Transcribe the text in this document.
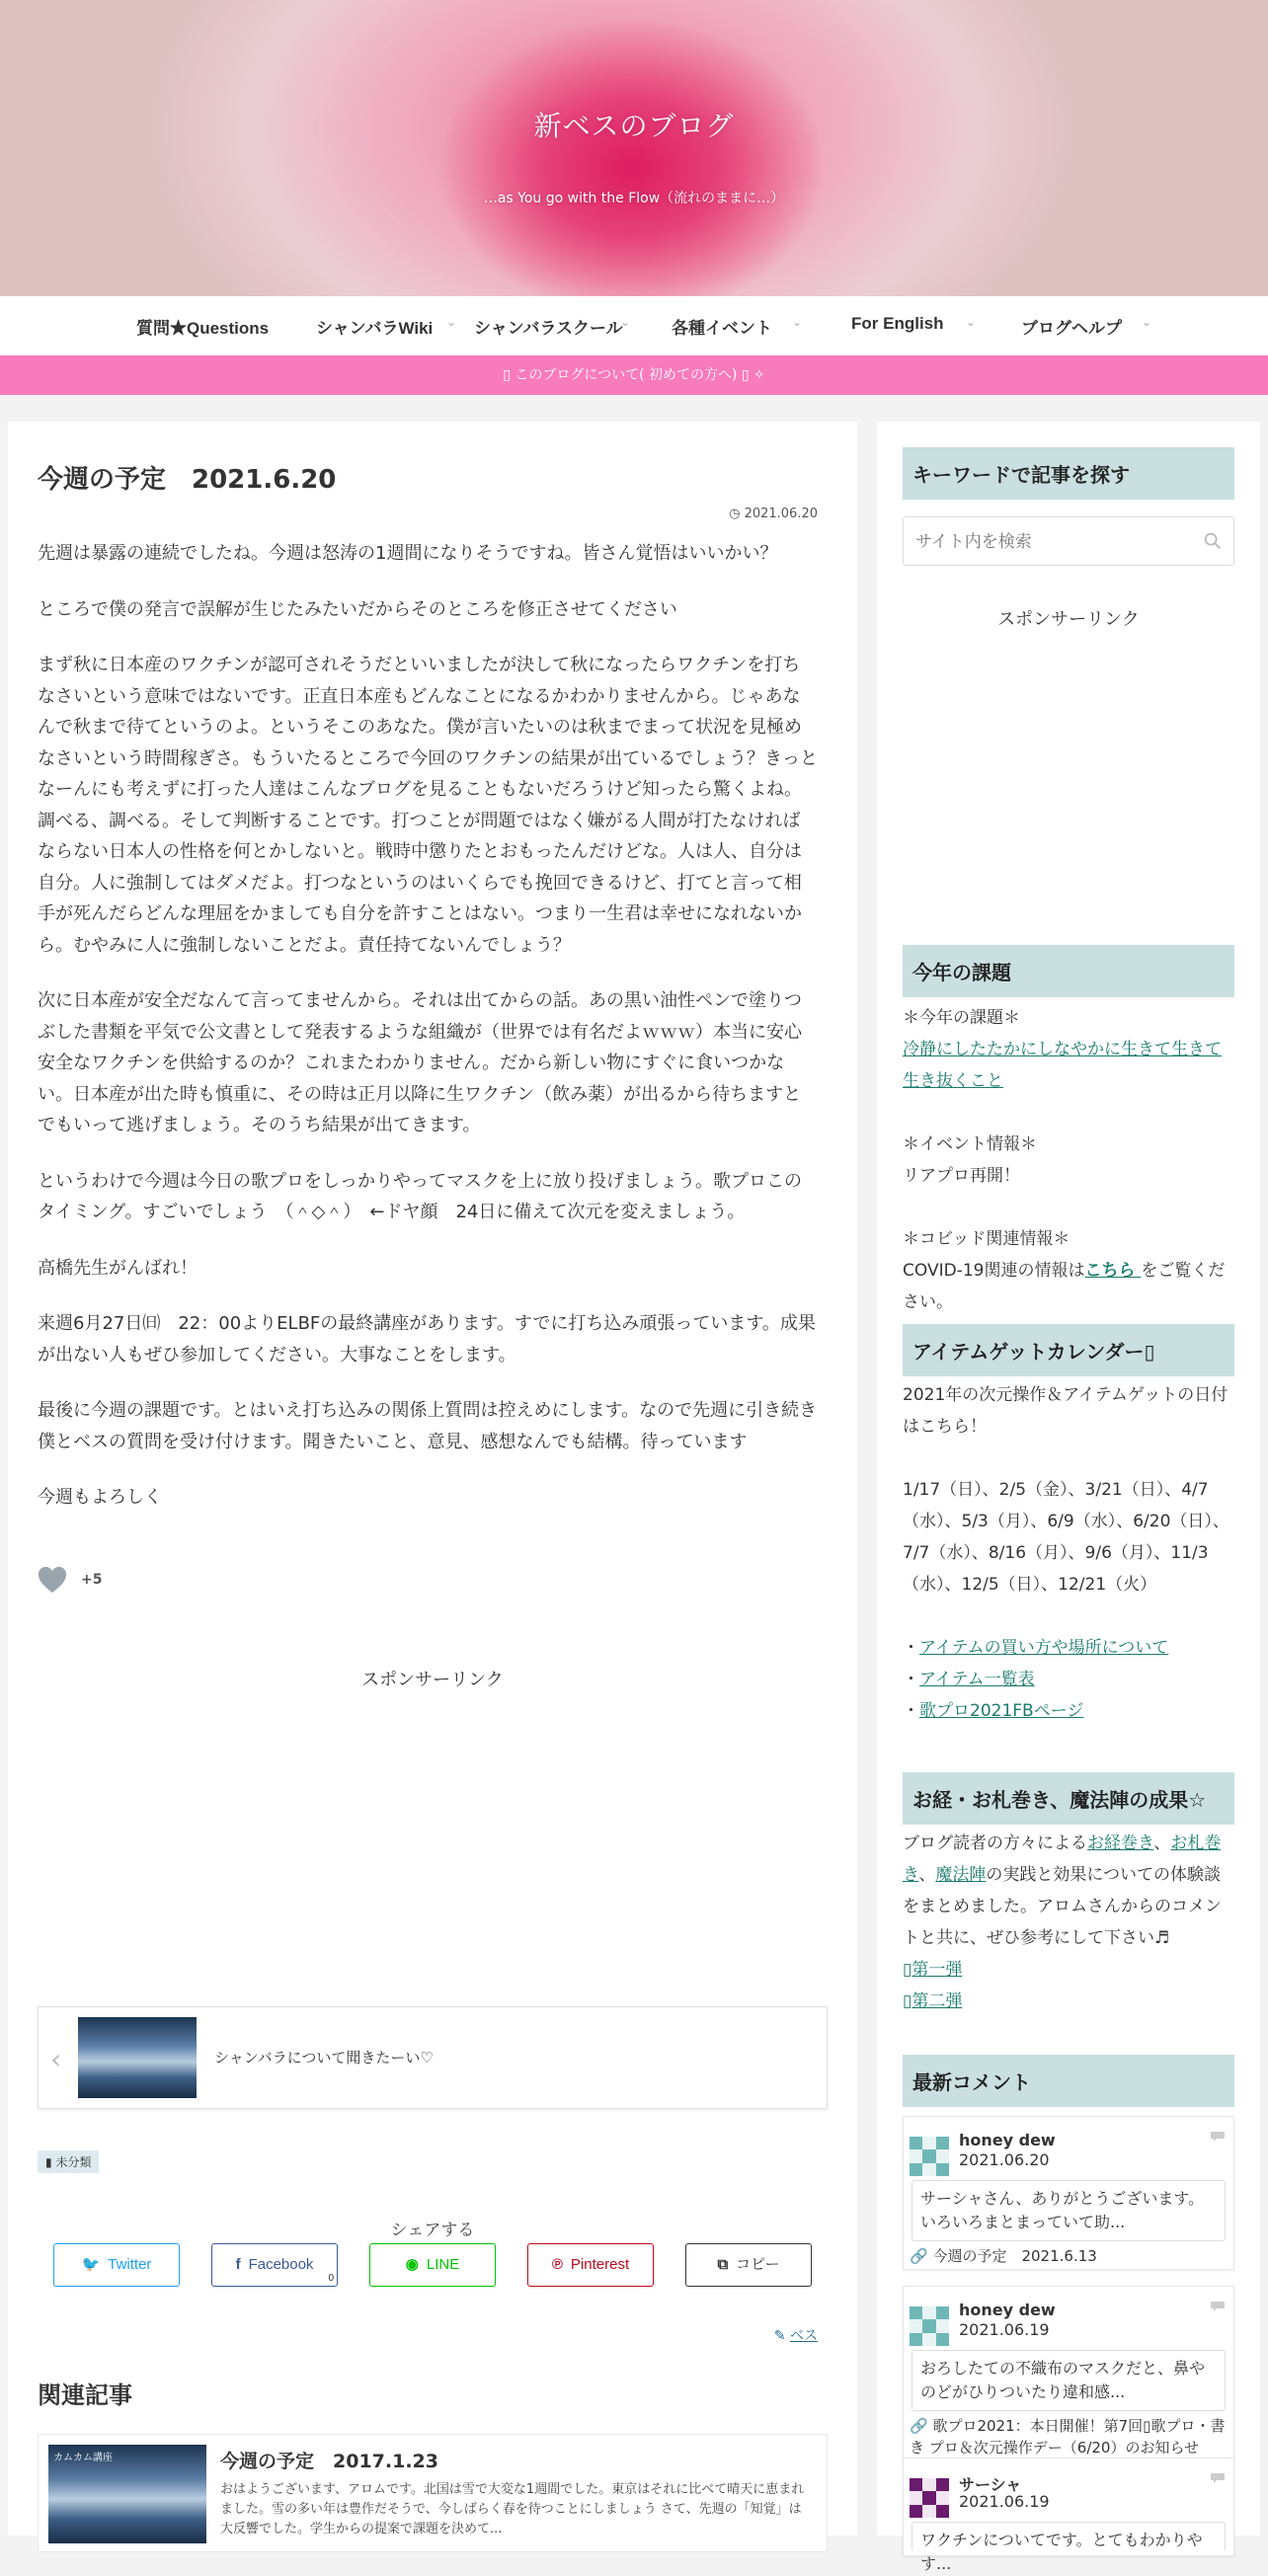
新ベスのブログ
…as You go with the Flow（流れのままに…）
質問★Questions	シャンバラWiki ⌄ シャンバラスクール
⌄ 各種イベント ⌄	For English ⌄	ブログヘルプ ⌄
▯ このブログについて( 初めての方へ) ▯ ✧
今週の予定　2021.6.20
◷ 2021.06.20

先週は暴露の連続でしたね。今週は怒涛の1週間になりそうですね。皆さん覚悟はいいかい？

ところで僕の発言で誤解が生じたみたいだからそのところを修正させてください

まず秋に日本産のワクチンが認可されそうだといいましたが決して秋になったらワクチンを打ちなさいという意味ではないです。正直日本産もどんなことになるかわかりませんから。じゃあなんで秋まで待てというのよ。というそこのあなた。僕が言いたいのは秋までまって状況を見極めなさいという時間稼ぎさ。もういたるところで今回のワクチンの結果が出ているでしょう？きっとなーんにも考えずに打った人達はこんなブログを見ることもないだろうけど知ったら驚くよね。調べる、調べる。そして判断することです。打つことが問題ではなく嫌がる人間が打たなければならない日本人の性格を何とかしないと。戦時中懲りたとおもったんだけどな。人は人、自分は自分。人に強制してはダメだよ。打つなというのはいくらでも挽回できるけど、打てと言って相手が死んだらどんな理屈をかましても自分を許すことはない。つまり一生君は幸せになれないから。むやみに人に強制しないことだよ。責任持てないんでしょう？

次に日本産が安全だなんて言ってませんから。それは出てからの話。あの黒い油性ペンで塗りつぶした書類を平気で公文書として発表するような組織が（世界では有名だよｗｗｗ）本当に安心安全なワクチンを供給するのか？これまたわかりません。だから新しい物にすぐに食いつかない。日本産が出た時も慎重に、その時は正月以降に生ワクチン（飲み薬）が出るから待ちますとでもいって逃げましょう。そのうち結果が出てきます。

というわけで今週は今日の歌プロをしっかりやってマスクを上に放り投げましょう。歌プロこのタイミング。すごいでしょう　（＾◇＾）　←ドヤ顔　24日に備えて次元を変えましょう。

高橋先生がんばれ！

来週6月27日㈰　22：00よりELBFの最終講座があります。すでに打ち込み頑張っています。成果が出ない人もぜひ参加してください。大事なことをします。

最後に今週の課題です。とはいえ打ち込みの関係上質問は控えめにします。なので先週に引き続き僕とベスの質問を受け付けます。聞きたいこと、意見、感想なんでも結構。待っています

今週もよろしく

+5
スポンサーリンク
‹	シャンバラについて聞きたーい♡
▮ 未分類
シェアする
🐦 Twitter	f Facebook
0
◉ LINE	℗ Pinterest	⧉ コピー
✎ ベス
関連記事
カムカム講座	今週の予定　2017.1.23
おはようございます、アロムです。北国は雪で大変な1週間でした。東京はそれに比べて晴天に恵まれました。雪の多い年は豊作だそうで、今しばらく春を待つことにしましょう さて、先週の「知覚」は大反響でした。学生からの提案で課題を決めて...
キーワードで記事を探す
サイト内を検索
スポンサーリンク
今年の課題
＊今年の課題＊
冷静にしたたかにしなやかに生きて生きて生き抜くこと
＊イベント情報＊
リアプロ再開！
＊コビッド関連情報＊
COVID-19関連の情報はこちら をご覧ください。
アイテムゲットカレンダー▯
2021年の次元操作＆アイテムゲットの日付はこちら！
1/17（日）、2/5（金）、3/21（日）、4/7（水）、5/3（月）、6/9（水）、6/20（日）、7/7（水）、8/16（月）、9/6（月）、11/3（水）、12/5（日）、12/21（火）
・アイテムの買い方や場所について
・アイテム一覧表
・歌プロ2021FBページ
お経・お札巻き、魔法陣の成果☆
ブログ読者の方々によるお経巻き、お札巻き、魔法陣の実践と効果についての体験談をまとめました。アロムさんからのコメントと共に、ぜひ参考にして下さい♬
▯第一弾
▯第二弾
最新コメント
honey dew
2021.06.20
サーシャさん、ありがとうございます。いろいろまとまっていて助...
🔗 今週の予定　2021.6.13
honey dew
2021.06.19
おろしたての不織布のマスクだと、鼻やのどがひりついたり違和感...
🔗 歌プロ2021：本日開催！第7回▯歌プロ・書き プロ＆次元操作デー（6/20）のお知らせ
サーシャ
2021.06.19
ワクチンについてです。とてもわかりやす...
